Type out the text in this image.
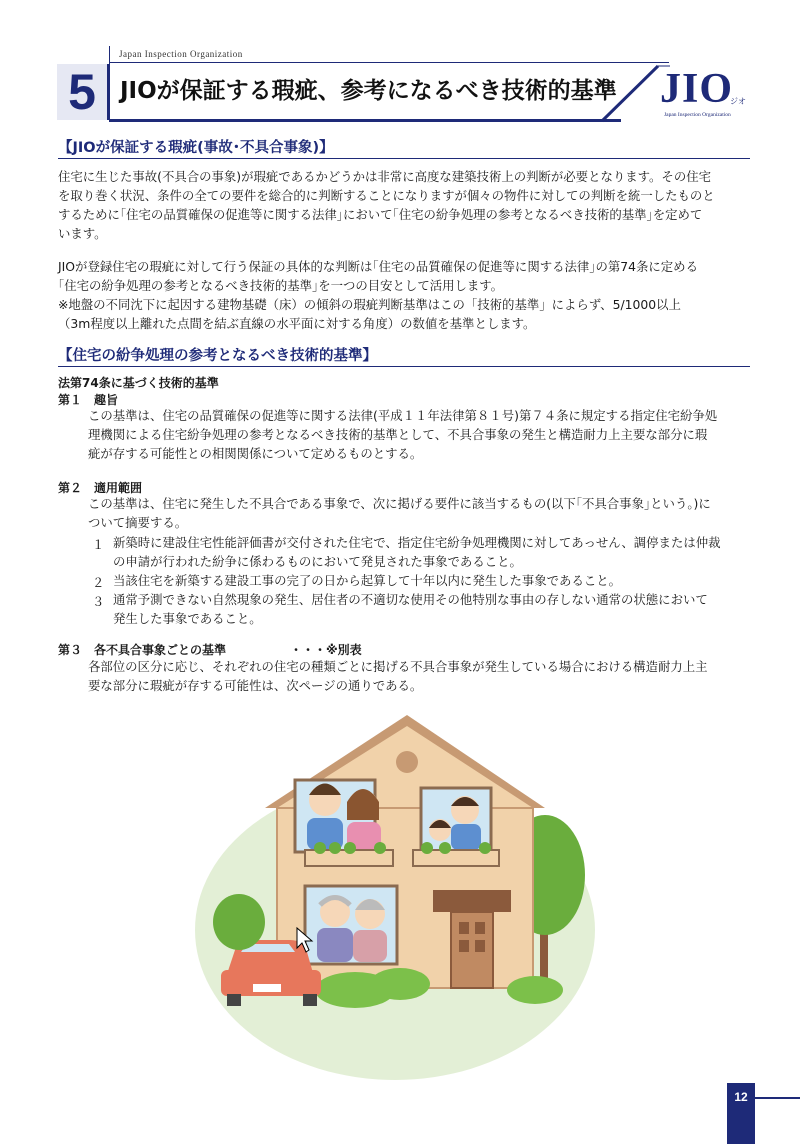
Japan Inspection Organization
5	JIOが保証する瑕疵、参考になるべき技術的基準 JIO
ジオ
Japan Inspection Organization
【JIOが保証する瑕疵(事故･不具合事象)】
住宅に生じた事故(不具合の事象)が瑕疵であるかどうかは非常に高度な建築技術上の判断が必要となります。その住宅
を取り巻く状況、条件の全ての要件を総合的に判断することになりますが個々の物件に対しての判断を統一したものと
するために｢住宅の品質確保の促進等に関する法律｣において｢住宅の紛争処理の参考となるべき技術的基準｣を定めて
います。
JIOが登録住宅の瑕疵に対して行う保証の具体的な判断は｢住宅の品質確保の促進等に関する法律｣の第74条に定める
｢住宅の紛争処理の参考となるべき技術的基準｣を一つの目安として活用します。
※地盤の不同沈下に起因する建物基礎（床）の傾斜の瑕疵判断基準はこの「技術的基準」によらず、5/1000以上
（3m程度以上離れた点間を結ぶ直線の水平面に対する角度）の数値を基準とします。
【住宅の紛争処理の参考となるべき技術的基準】
法第74条に基づく技術的基準
第１　趣旨
この基準は、住宅の品質確保の促進等に関する法律(平成１１年法律第８１号)第７４条に規定する指定住宅紛争処
理機関による住宅紛争処理の参考となるべき技術的基準として、不具合事象の発生と構造耐力上主要な部分に瑕
疵が存する可能性との相関関係について定めるものとする。
第２　適用範囲
この基準は、住宅に発生した不具合である事象で、次に掲げる要件に該当するもの(以下｢不具合事象｣という。)に
ついて摘要する。
１ 新築時に建設住宅性能評価書が交付された住宅で、指定住宅紛争処理機関に対してあっせん、調停または仲裁
の申請が行われた紛争に係わるものにおいて発見された事象であること。
２ 当該住宅を新築する建設工事の完了の日から起算して十年以内に発生した事象であること。
３ 通常予測できない自然現象の発生、居住者の不適切な使用その他特別な事由の存しない通常の状態において
発生した事象であること。
第３　各不具合事象ごとの基準	・・・※別表
各部位の区分に応じ、それぞれの住宅の種類ごとに掲げる不具合事象が発生している場合における構造耐力上主
要な部分に瑕疵が存する可能性は、次ページの通りである。
12
